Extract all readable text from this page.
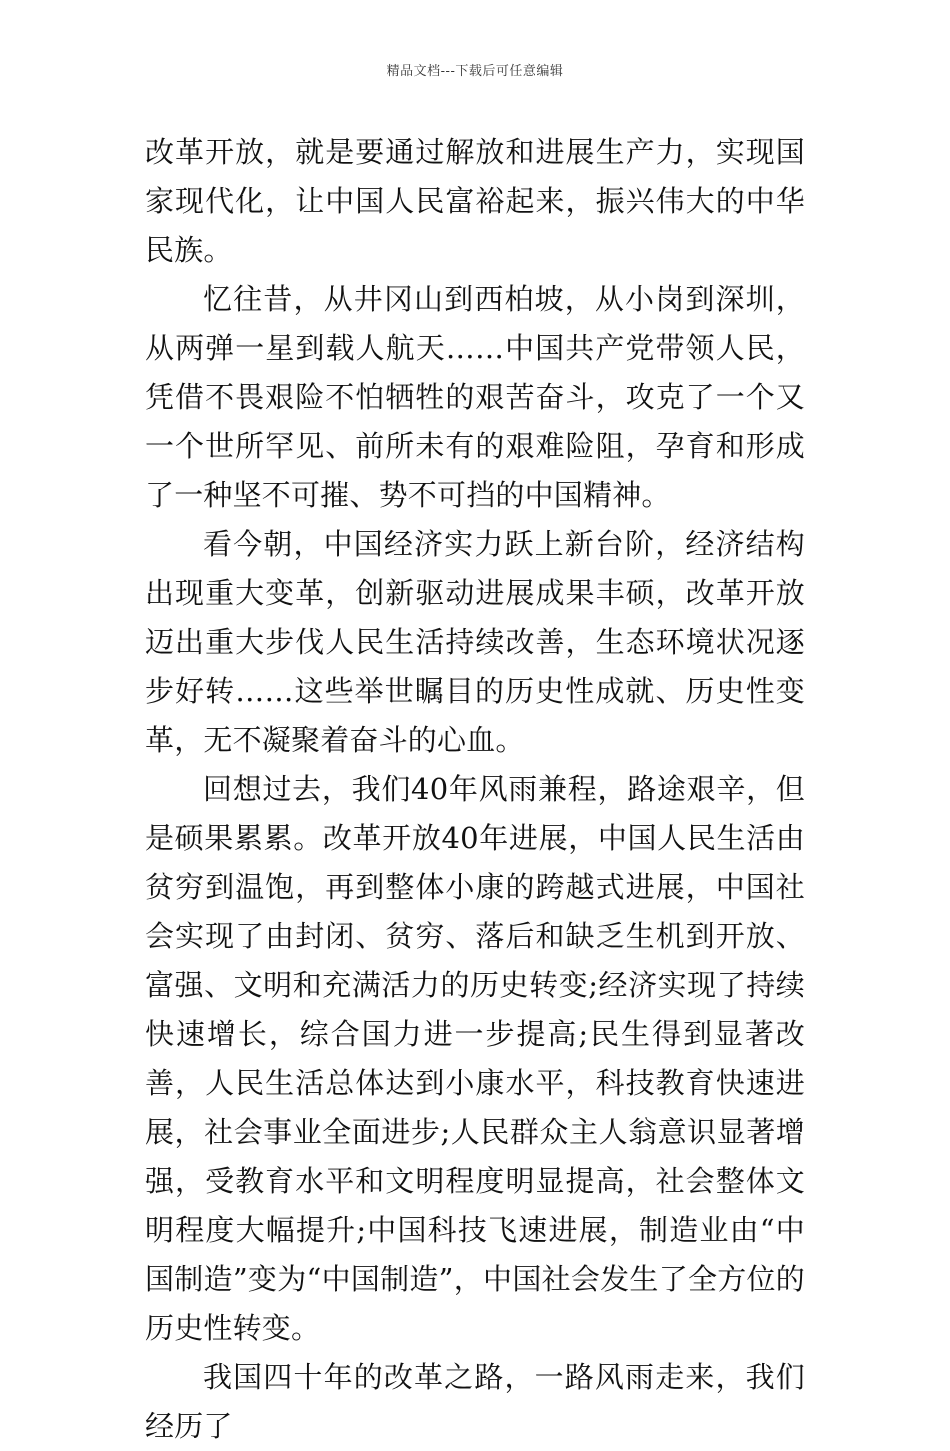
精品文档---下载后可任意编辑

改革开放，就是要通过解放和进展生产力，实现国家现代化，让中国人民富裕起来，振兴伟大的中华民族。

忆往昔，从井冈山到西柏坡，从小岗到深圳，从两弹一星到载人航天……中国共产党带领人民，凭借不畏艰险不怕牺牲的艰苦奋斗，攻克了一个又一个世所罕见、前所未有的艰难险阻，孕育和形成了一种坚不可摧、势不可挡的中国精神。

看今朝，中国经济实力跃上新台阶，经济结构出现重大变革，创新驱动进展成果丰硕，改革开放迈出重大步伐人民生活持续改善，生态环境状况逐步好转……这些举世瞩目的历史性成就、历史性变革，无不凝聚着奋斗的心血。

回想过去，我们40年风雨兼程，路途艰辛，但是硕果累累。改革开放40年进展，中国人民生活由贫穷到温饱，再到整体小康的跨越式进展，中国社会实现了由封闭、贫穷、落后和缺乏生机到开放、富强、文明和充满活力的历史转变;经济实现了持续快速增长，综合国力进一步提高;民生得到显著改善，人民生活总体达到小康水平，科技教育快速进展，社会事业全面进步;人民群众主人翁意识显著增强，受教育水平和文明程度明显提高，社会整体文明程度大幅提升;中国科技飞速进展，制造业由“中国制造”变为“中国制造”，中国社会发生了全方位的历史性转变。

我国四十年的改革之路，一路风雨走来，我们经历了
